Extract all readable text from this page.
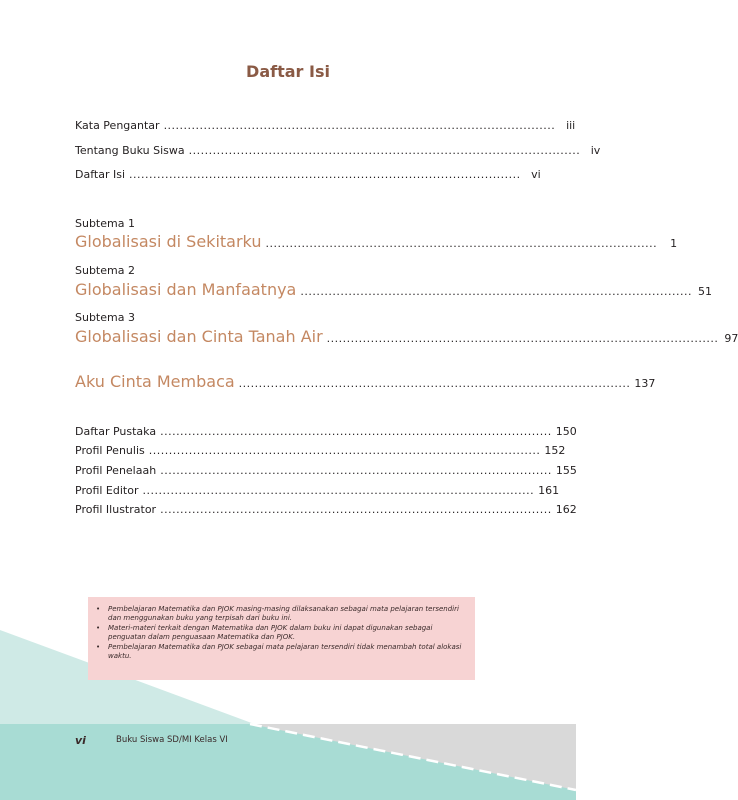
Daftar Isi
Kata Pengantar .................................................................................................. iii
Tentang Buku Siswa .................................................................................................. iv
Daftar Isi .................................................................................................. vi
Subtema 1
Globalisasi di Sekitarku ..................................................................................................	1
Subtema 2
Globalisasi dan Manfaatnya .................................................................................................. 51
Subtema 3
Globalisasi dan Cinta Tanah Air .................................................................................................. 97
Aku Cinta Membaca .................................................................................................. 137
Daftar Pustaka .................................................................................................. 150
Profil Penulis .................................................................................................. 152
Profil Penelaah .................................................................................................. 155
Profil Editor .................................................................................................. 161
Profil Ilustrator .................................................................................................. 162
• Pembelajaran Matematika dan PJOK masing-masing dilaksanakan sebagai mata pelajaran tersendiri dan menggunakan buku yang terpisah dari buku ini.
• Materi-materi terkait dengan Matematika dan PJOK dalam buku ini dapat digunakan sebagai penguatan dalam penguasaan Matematika dan PJOK.
• Pembelajaran Matematika dan PJOK sebagai mata pelajaran tersendiri tidak menambah total alokasi waktu.
vi	Buku Siswa SD/MI Kelas VI
